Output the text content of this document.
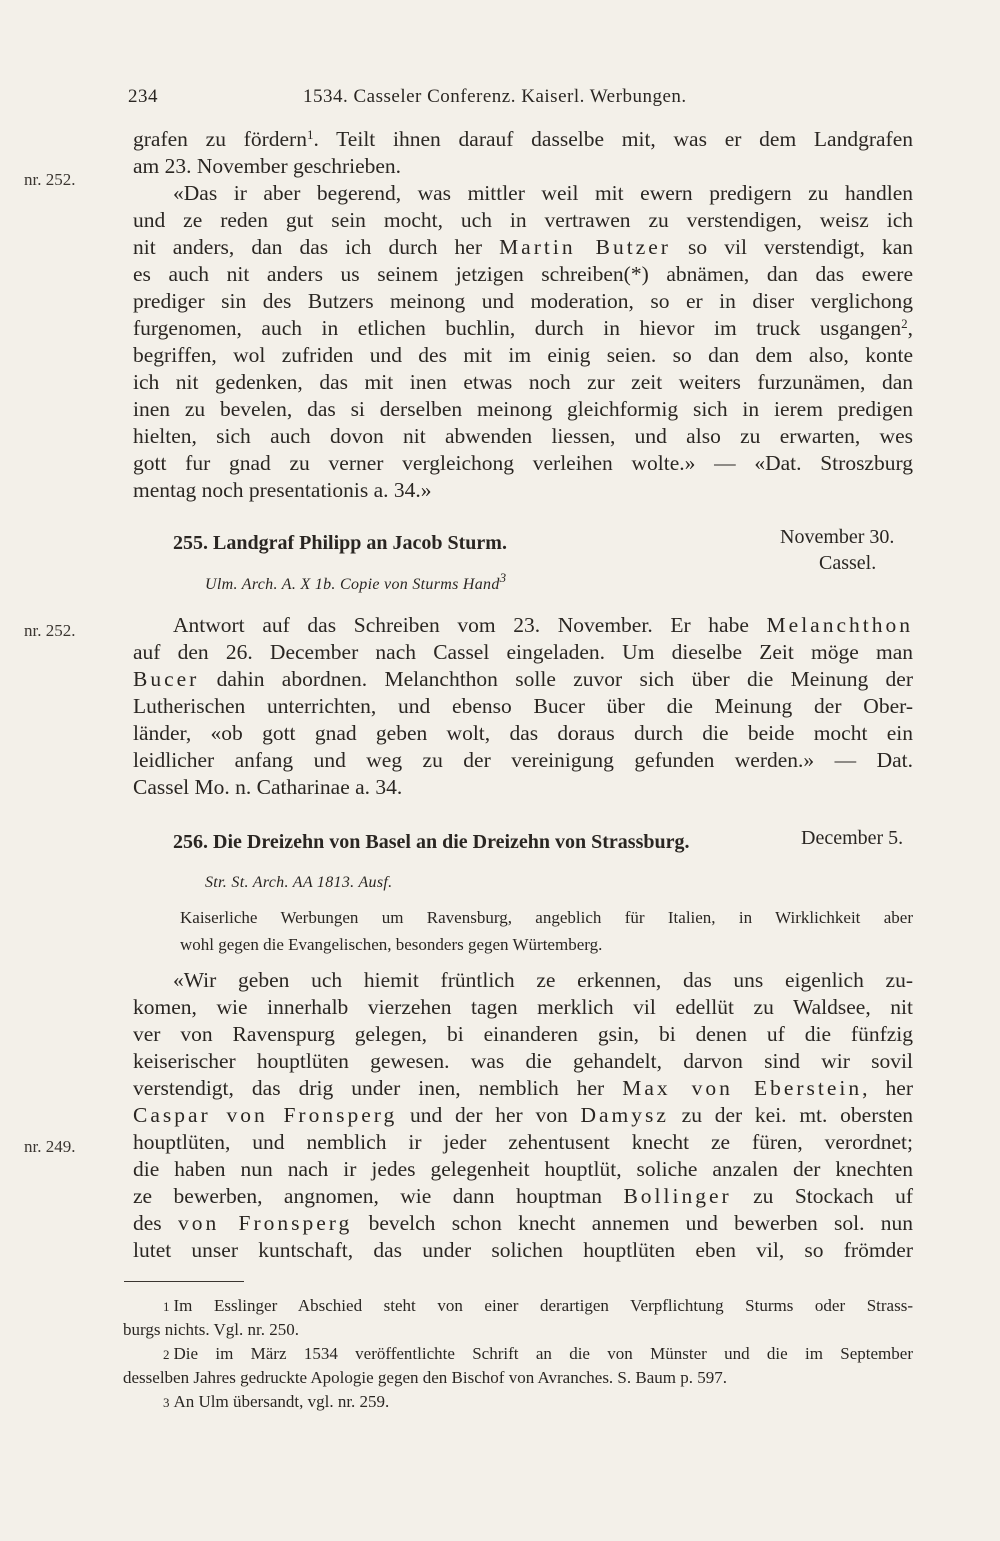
234	1534. Casseler Conferenz. Kaiserl. Werbungen.
nr. 252.
nr. 252.
nr. 249.
grafen zu fördern$^1$. Teilt ihnen darauf dasselbe mit, was er dem Landgrafen
am 23. November geschrieben.
«Das ir aber begerend, was mittler weil mit ewern predigern zu handlen
und ze reden gut sein mocht, uch in vertrawen zu verstendigen, weisz ich
nit anders, dan das ich durch her Martin Butzer so vil verstendigt, kan
es auch nit anders us seinem jetzigen schreiben(*) abnämen, dan das ewere
prediger sin des Butzers meinong und moderation, so er in diser verglichong
furgenomen, auch in etlichen buchlin, durch in hievor im truck usgangen$^2$,
begriffen, wol zufriden und des mit im einig seien. so dan dem also, konte
ich nit gedenken, das mit inen etwas noch zur zeit weiters furzunämen, dan
inen zu bevelen, das si derselben meinong gleichformig sich in ierem predigen
hielten, sich auch dovon nit abwenden liessen, und also zu erwarten, wes
gott fur gnad zu verner vergleichong verleihen wolte.» — «Dat. Stroszburg
mentag noch presentationis a. 34.»
255. Landgraf Philipp an Jacob Sturm.	November 30.
Cassel.
Ulm. Arch. A. X 1b. Copie von Sturms Hand$^3$
Antwort auf das Schreiben vom 23. November. Er habe Melanchthon
auf den 26. December nach Cassel eingeladen. Um dieselbe Zeit möge man
Bucer dahin abordnen. Melanchthon solle zuvor sich über die Meinung der
Lutherischen unterrichten, und ebenso Bucer über die Meinung der Ober-
länder, «ob gott gnad geben wolt, das doraus durch die beide mocht ein
leidlicher anfang und weg zu der vereinigung gefunden werden.» — Dat.
Cassel Mo. n. Catharinae a. 34.
256. Die Dreizehn von Basel an die Dreizehn von Strassburg.	December 5.
Str. St. Arch. AA 1813. Ausf.
Kaiserliche Werbungen um Ravensburg, angeblich für Italien, in Wirklichkeit aber
wohl gegen die Evangelischen, besonders gegen Würtemberg.
«Wir geben uch hiemit früntlich ze erkennen, das uns eigenlich zu-
komen, wie innerhalb vierzehen tagen merklich vil edellüt zu Waldsee, nit
ver von Ravenspurg gelegen, bi einanderen gsin, bi denen uf die fünfzig
keiserischer houptlüten gewesen. was die gehandelt, darvon sind wir sovil
verstendigt, das drig under inen, nemblich her Max von Eberstein, her
Caspar von Fronsperg und der her von Damysz zu der kei. mt. obersten
houptlüten, und nemblich ir jeder zehentusent knecht ze füren, verordnet;
die haben nun nach ir jedes gelegenheit houptlüt, soliche anzalen der knechten
ze bewerben, angnomen, wie dann houptman Bollinger zu Stockach uf
des von Fronsperg bevelch schon knecht annemen und bewerben sol. nun
lutet unser kuntschaft, das under solichen houptlüten eben vil, so frömder
1 Im Esslinger Abschied steht von einer derartigen Verpflichtung Sturms oder Strass-
burgs nichts. Vgl. nr. 250.
2 Die im März 1534 veröffentlichte Schrift an die von Münster und die im September
desselben Jahres gedruckte Apologie gegen den Bischof von Avranches. S. Baum p. 597.
3 An Ulm übersandt, vgl. nr. 259.
